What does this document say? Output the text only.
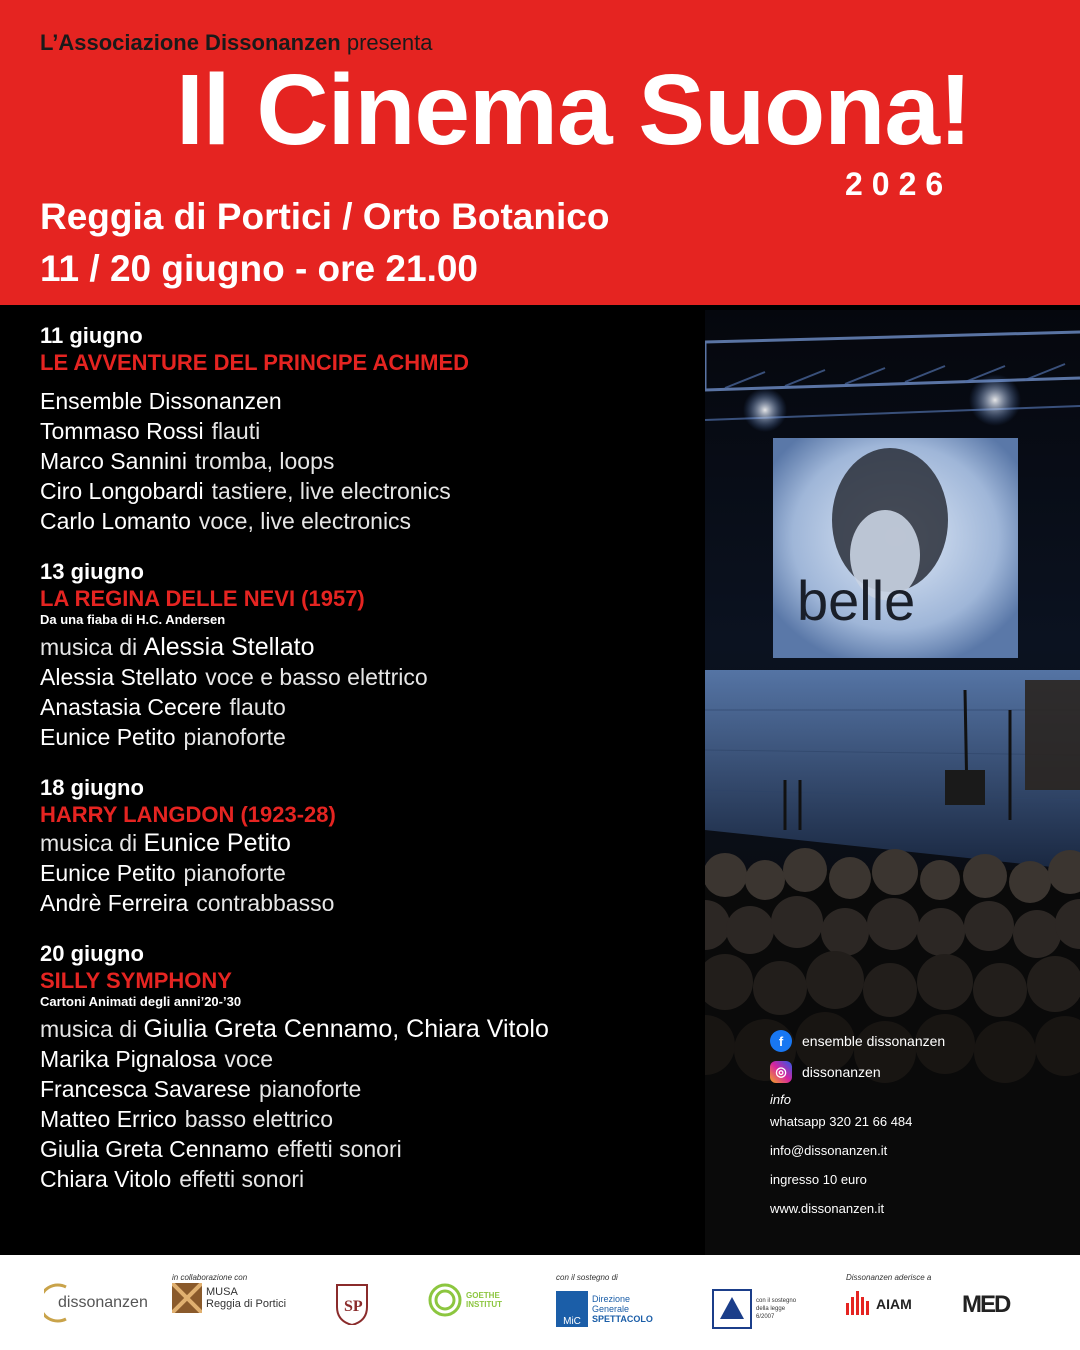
L’Associazione Dissonanzen presenta
Il Cinema Suona!
2026
Reggia di Portici / Orto Botanico
11 / 20 giugno - ore 21.00
11 giugno
LE AVVENTURE DEL PRINCIPE ACHMED
Ensemble Dissonanzen
Tommaso Rossi flauti
Marco Sannini tromba, loops
Ciro Longobardi tastiere, live electronics
Carlo Lomanto voce, live electronics
13 giugno
LA REGINA DELLE NEVI (1957)
Da una fiaba di H.C. Andersen
musica di Alessia Stellato
Alessia Stellato voce e basso elettrico
Anastasia Cecere flauto
Eunice Petito pianoforte
18 giugno
HARRY LANGDON (1923-28)
musica di Eunice Petito
Eunice Petito pianoforte
Andrè Ferreira contrabbasso
20 giugno
SILLY SYMPHONY
Cartoni Animati degli anni’20-’30
musica di Giulia Greta Cennamo, Chiara Vitolo
Marika Pignalosa voce
Francesca Savarese pianoforte
Matteo Errico basso elettrico
Giulia Greta Cennamo effetti sonori
Chiara Vitolo effetti sonori
belle
f	ensemble dissonanzen
◎	dissonanzen
info
whatsapp 320 21 66 484
info@dissonanzen.it
ingresso 10 euro
www.dissonanzen.it
in collaborazione con	con il sostegno di	Dissonanzen aderisce a
dissonanzen
MUSA
Reggia di Portici	SP
GOETHE
INSTITUT
MiC
Direzione
Generale
SPETTACOLO
con il sostegno della legge 6/2007
AIAM MED
